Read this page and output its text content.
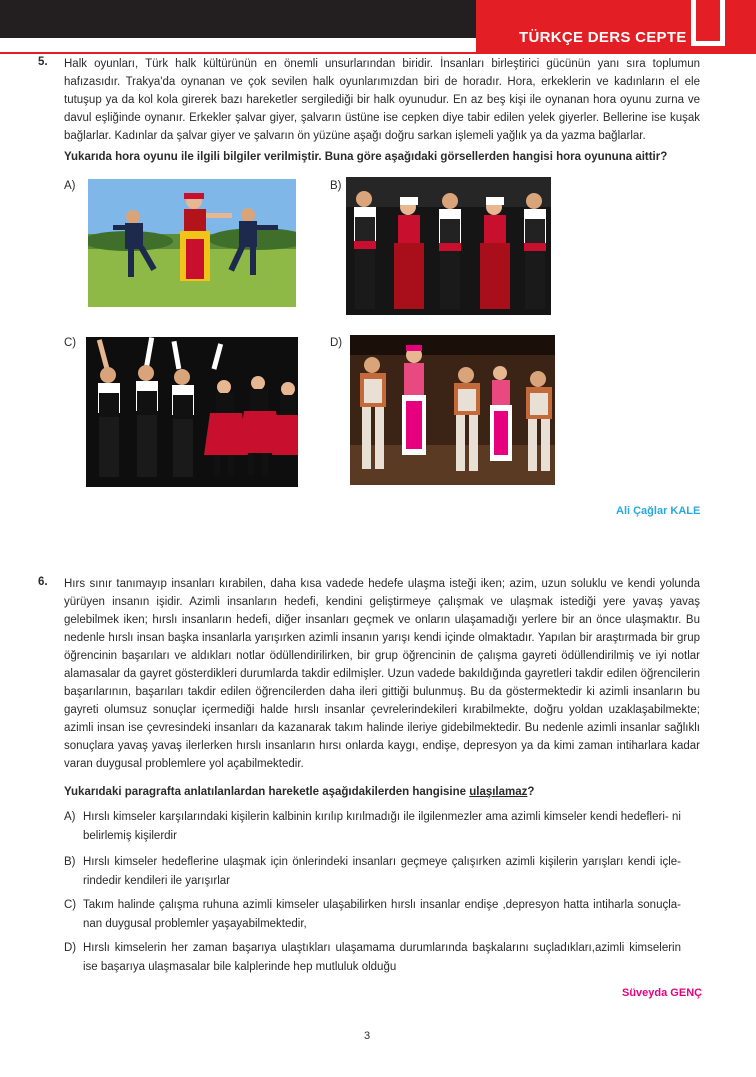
TÜRKÇE DERS CEPTE
5. Halk oyunları, Türk halk kültürünün en önemli unsurlarından biridir. İnsanları birleştirici gücünün yanı sıra toplumun hafızasıdır. Trakya'da oynanan ve çok sevilen halk oyunlarımızdan biri de horadır. Hora, erkeklerin ve kadınların el ele tutuşup ya da kol kola girerek bazı hareketler sergilediği bir halk oyunudur. En az beş kişi ile oynanan hora oyunu zurna ve davul eşliğinde oynanır. Erkekler şalvar giyer, şalvarın üstüne ise cepken diye tabir edilen yelek giyerler. Bellerine ise kuşak bağlarlar. Kadınlar da şalvar giyer ve şalvarın ön yüzüne aşağı doğru sarkan işlemeli yağlık ya da yazma bağlarlar.
Yukarıda hora oyunu ile ilgili bilgiler verilmiştir. Buna göre aşağıdaki görsellerden hangisi hora oyununa aittir?
A)	B)
C)	D)
Ali Çağlar KALE
6. Hırs sınır tanımayıp insanları kırabilen, daha kısa vadede hedefe ulaşma isteği iken; azim, uzun soluklu ve kendi yolunda yürüyen insanın işidir. Azimli insanların hedefi, kendini geliştirmeye çalışmak ve ulaşmak istediği yere yavaş yavaş gelebilmek iken; hırslı insanların hedefi, diğer insanları geçmek ve onların ulaşamadığı yerlere bir an önce ulaşmaktır. Bu nedenle hırslı insan başka insanlarla yarışırken azimli insanın yarışı kendi içinde olmaktadır. Yapılan bir araştırmada bir grup öğrencinin başarıları ve aldıkları notlar ödüllendirilirken, bir grup öğrencinin de çalışma gayreti ödüllendirilmiş ve iyi notlar alamasalar da gayret gösterdikleri durumlarda takdir edilmişler. Uzun vadede bakıldığında gayretleri takdir edilen öğrencilerin başarılarının, başarıları takdir edilen öğrencilerden daha ileri gittiği bulunmuş. Bu da göstermektedir ki azimli insanların bu gayreti olumsuz sonuçlar içermediği halde hırslı insanlar çevrelerindekileri kırabilmekte, doğru yoldan uzaklaşabilmekte; azimli insan ise çevresindeki insanları da kazanarak takım halinde ileriye gidebilmektedir. Bu nedenle azimli insanlar sağlıklı sonuçlara yavaş yavaş ilerlerken hırslı insanların hırsı onlarda kaygı, endişe, depresyon ya da kimi zaman intiharlara kadar varan duygusal problemlere yol açabilmektedir.
Yukarıdaki paragrafta anlatılanlardan hareketle aşağıdakilerden hangisine ulaşılamaz?
A) Hırslı kimseler karşılarındaki kişilerin kalbinin kırılıp kırılmadığı ile ilgilenmezler ama azimli kimseler kendi hedefleri- ni belirlemiş kişilerdir
B) Hırslı kimseler hedeflerine ulaşmak için önlerindeki insanları geçmeye çalışırken azimli kişilerin yarışları kendi içle- rindedir kendileri ile yarışırlar
C) Takım halinde çalışma ruhuna azimli kimseler ulaşabilirken hırslı insanlar endişe ,depresyon hatta intiharla sonuçla- nan duygusal problemler yaşayabilmektedir,
D) Hırslı kimselerin her zaman başarıya ulaştıkları ulaşamama durumlarında başkalarını suçladıkları,azimli kimselerin ise başarıya ulaşmasalar bile kalplerinde hep mutluluk olduğu
Süveyda GENÇ
3
